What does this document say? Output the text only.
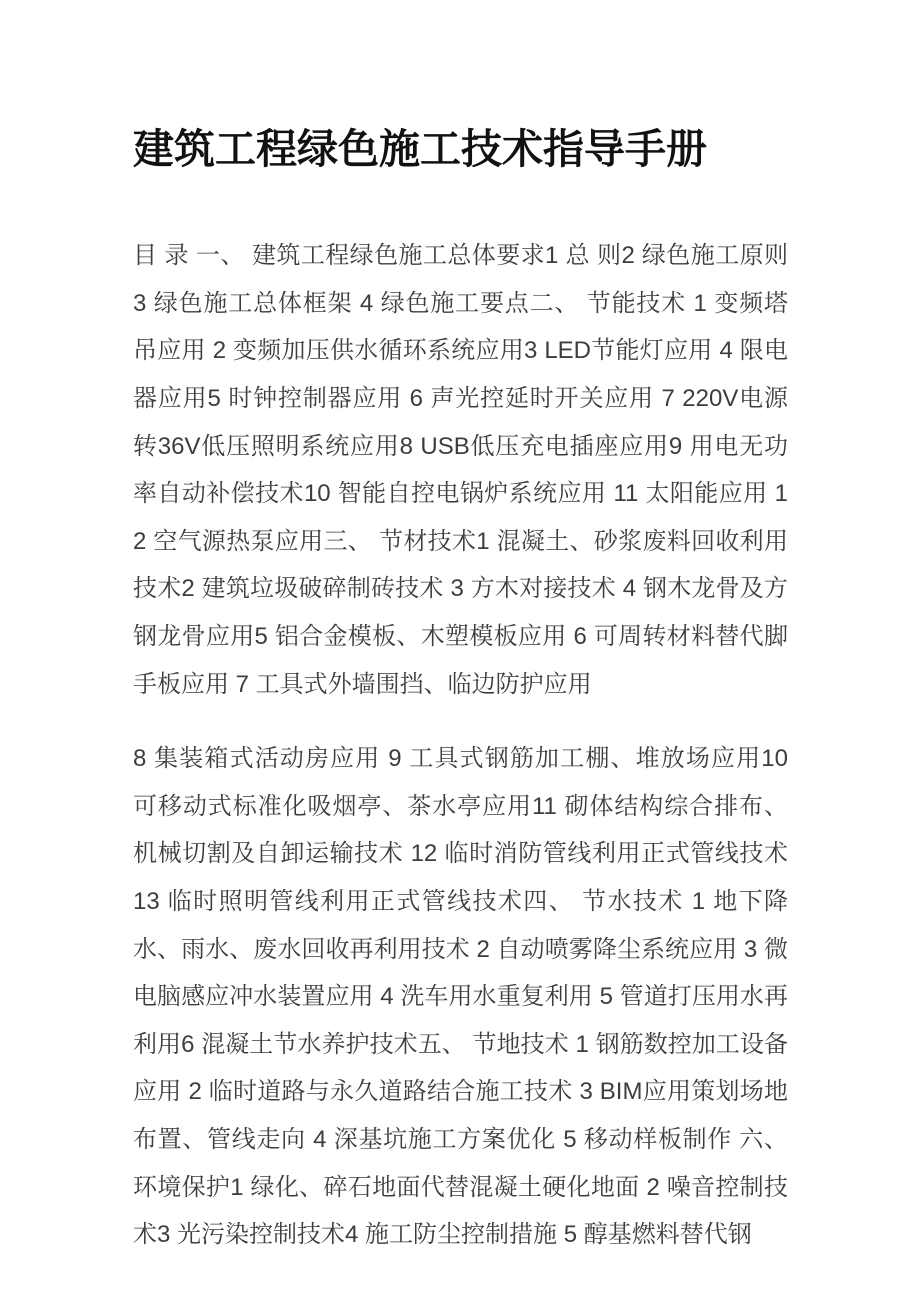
建筑工程绿色施工技术指导手册

目 录 一、 建筑工程绿色施工总体要求1 总 则2 绿色施工原则3 绿色施工总体框架 4 绿色施工要点二、 节能技术 1 变频塔吊应用 2 变频加压供水循环系统应用3 LED节能灯应用 4 限电器应用5 时钟控制器应用 6 声光控延时开关应用 7 220V电源转36V低压照明系统应用8 USB低压充电插座应用9 用电无功率自动补偿技术10 智能自控电锅炉系统应用 11 太阳能应用 12 空气源热泵应用三、 节材技术1 混凝土、砂浆废料回收利用技术2 建筑垃圾破碎制砖技术 3 方木对接技术 4 钢木龙骨及方钢龙骨应用5 铝合金模板、木塑模板应用 6 可周转材料替代脚手板应用 7 工具式外墙围挡、临边防护应用

8 集装箱式活动房应用 9 工具式钢筋加工棚、堆放场应用10 可移动式标准化吸烟亭、茶水亭应用11 砌体结构综合排布、机械切割及自卸运输技术 12 临时消防管线利用正式管线技术 13 临时照明管线利用正式管线技术四、 节水技术 1 地下降水、雨水、废水回收再利用技术 2 自动喷雾降尘系统应用 3 微电脑感应冲水装置应用 4 洗车用水重复利用 5 管道打压用水再利用6 混凝土节水养护技术五、 节地技术 1 钢筋数控加工设备应用 2 临时道路与永久道路结合施工技术 3 BIM应用策划场地布置、管线走向 4 深基坑施工方案优化 5 移动样板制作 六、 环境保护1 绿化、碎石地面代替混凝土硬化地面 2 噪音控制技术3 光污染控制技术4 施工防尘控制措施 5 醇基燃料替代钢
